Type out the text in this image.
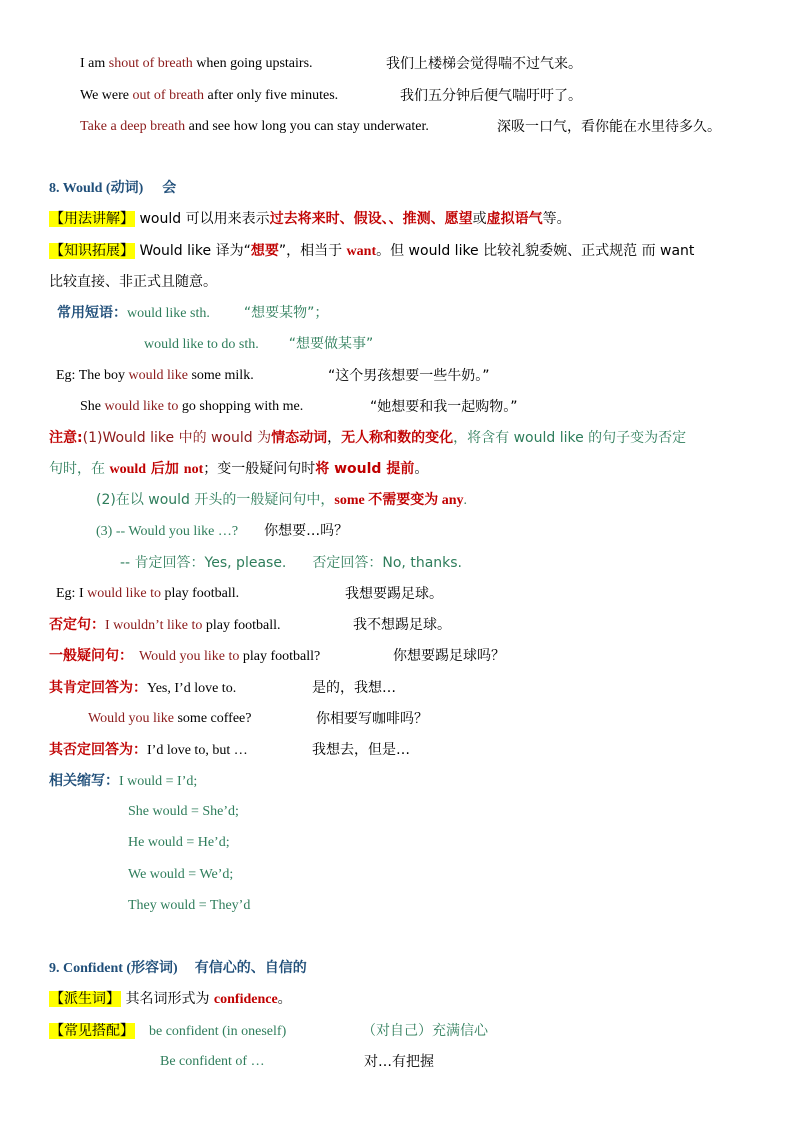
I am shout of breath when going upstairs.	我们上楼梯会觉得喘不过气来。
We were out of breath after only five minutes.	我们五分钟后便气喘吁吁了。
Take a deep breath and see how long you can stay underwater.	深吸一口气，看你能在水里待多久。
8. Would (动词) 会
【用法讲解】 would 可以用来表示过去将来时、假设、、推测、愿望或虚拟语气等。
【知识拓展】 Would like 译为“想要”，相当于 want。但 would like 比较礼貌委婉、正式规范 而 want
比较直接、非正式且随意。
常用短语：would like sth. “想要某物”；
would like to do sth. “想要做某事”
Eg: The boy would like some milk.	“这个男孩想要一些牛奶。”
She would like to go shopping with me.	“她想要和我一起购物。”
注意:(1)Would like 中的 would 为情态动词，无人称和数的变化，将含有 would like 的句子变为否定
句时，在 would 后加 not；变一般疑问句时将 would 提前。
(2)在以 would 开头的一般疑问句中，some 不需要变为 any.
(3) -- Would you like …? 你想要…吗？
-- 肯定回答：Yes, please. 否定回答：No, thanks.
Eg: I would like to play football.	我想要踢足球。
否定句：I wouldn’t like to play football.	我不想踢足球。
一般疑问句： Would you like to play football?	你想要踢足球吗？
其肯定回答为：Yes, I’d love to.	是的，我想…
Would you like some coffee?	你相要写咖啡吗？
其否定回答为：I’d love to, but …	我想去，但是…
相关缩写：I would = I’d;
She would = She’d;
He would = He’d;
We would = We’d;
They would = They’d
9. Confident (形容词) 有信心的、自信的
【派生词】 其名词形式为 confidence。
【常见搭配】 be confident (in oneself)	（对自己）充满信心
Be confident of …	对…有把握
